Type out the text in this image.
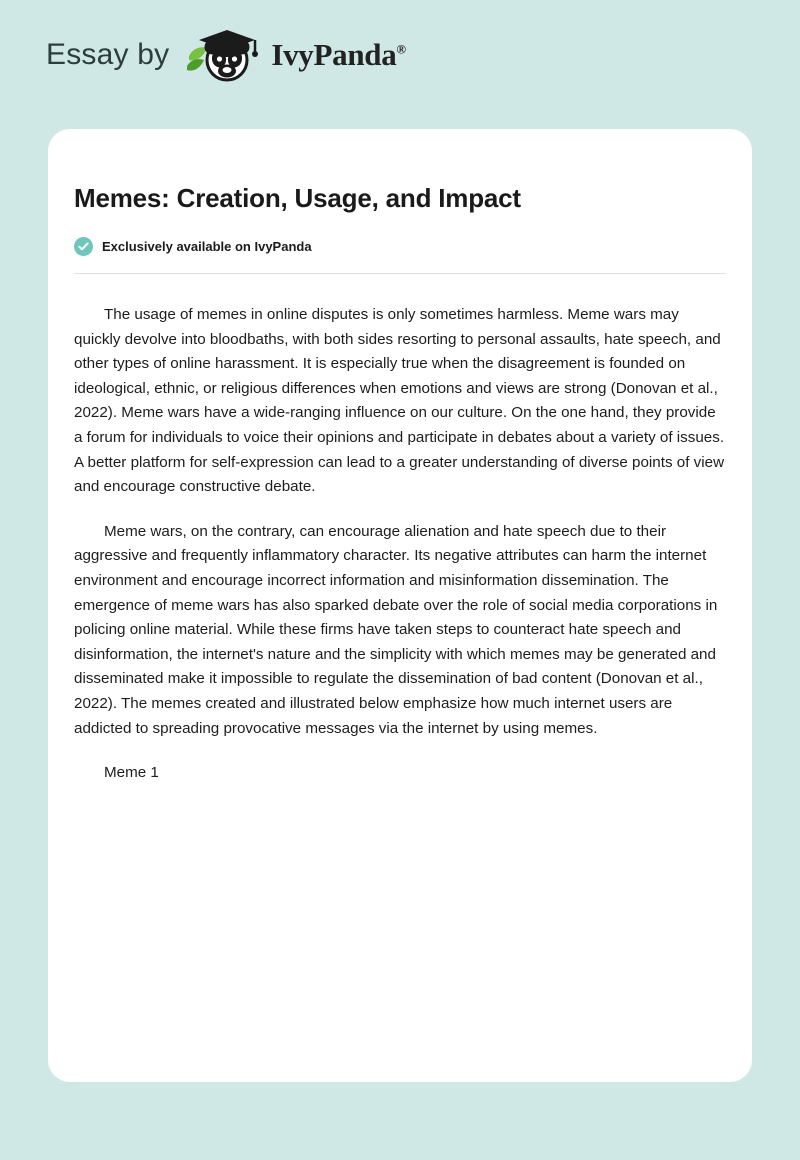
Essay by	IvyPanda®
Memes: Creation, Usage, and Impact
Exclusively available on IvyPanda

The usage of memes in online disputes is only sometimes harmless. Meme wars may quickly devolve into bloodbaths, with both sides resorting to personal assaults, hate speech, and other types of online harassment. It is especially true when the disagreement is founded on ideological, ethnic, or religious differences when emotions and views are strong (Donovan et al., 2022). Meme wars have a wide-ranging influence on our culture. On the one hand, they provide a forum for individuals to voice their opinions and participate in debates about a variety of issues. A better platform for self-expression can lead to a greater understanding of diverse points of view and encourage constructive debate.

Meme wars, on the contrary, can encourage alienation and hate speech due to their aggressive and frequently inflammatory character. Its negative attributes can harm the internet environment and encourage incorrect information and misinformation dissemination. The emergence of meme wars has also sparked debate over the role of social media corporations in policing online material. While these firms have taken steps to counteract hate speech and disinformation, the internet's nature and the simplicity with which memes may be generated and disseminated make it impossible to regulate the dissemination of bad content (Donovan et al., 2022). The memes created and illustrated below emphasize how much internet users are addicted to spreading provocative messages via the internet by using memes.

Meme 1
